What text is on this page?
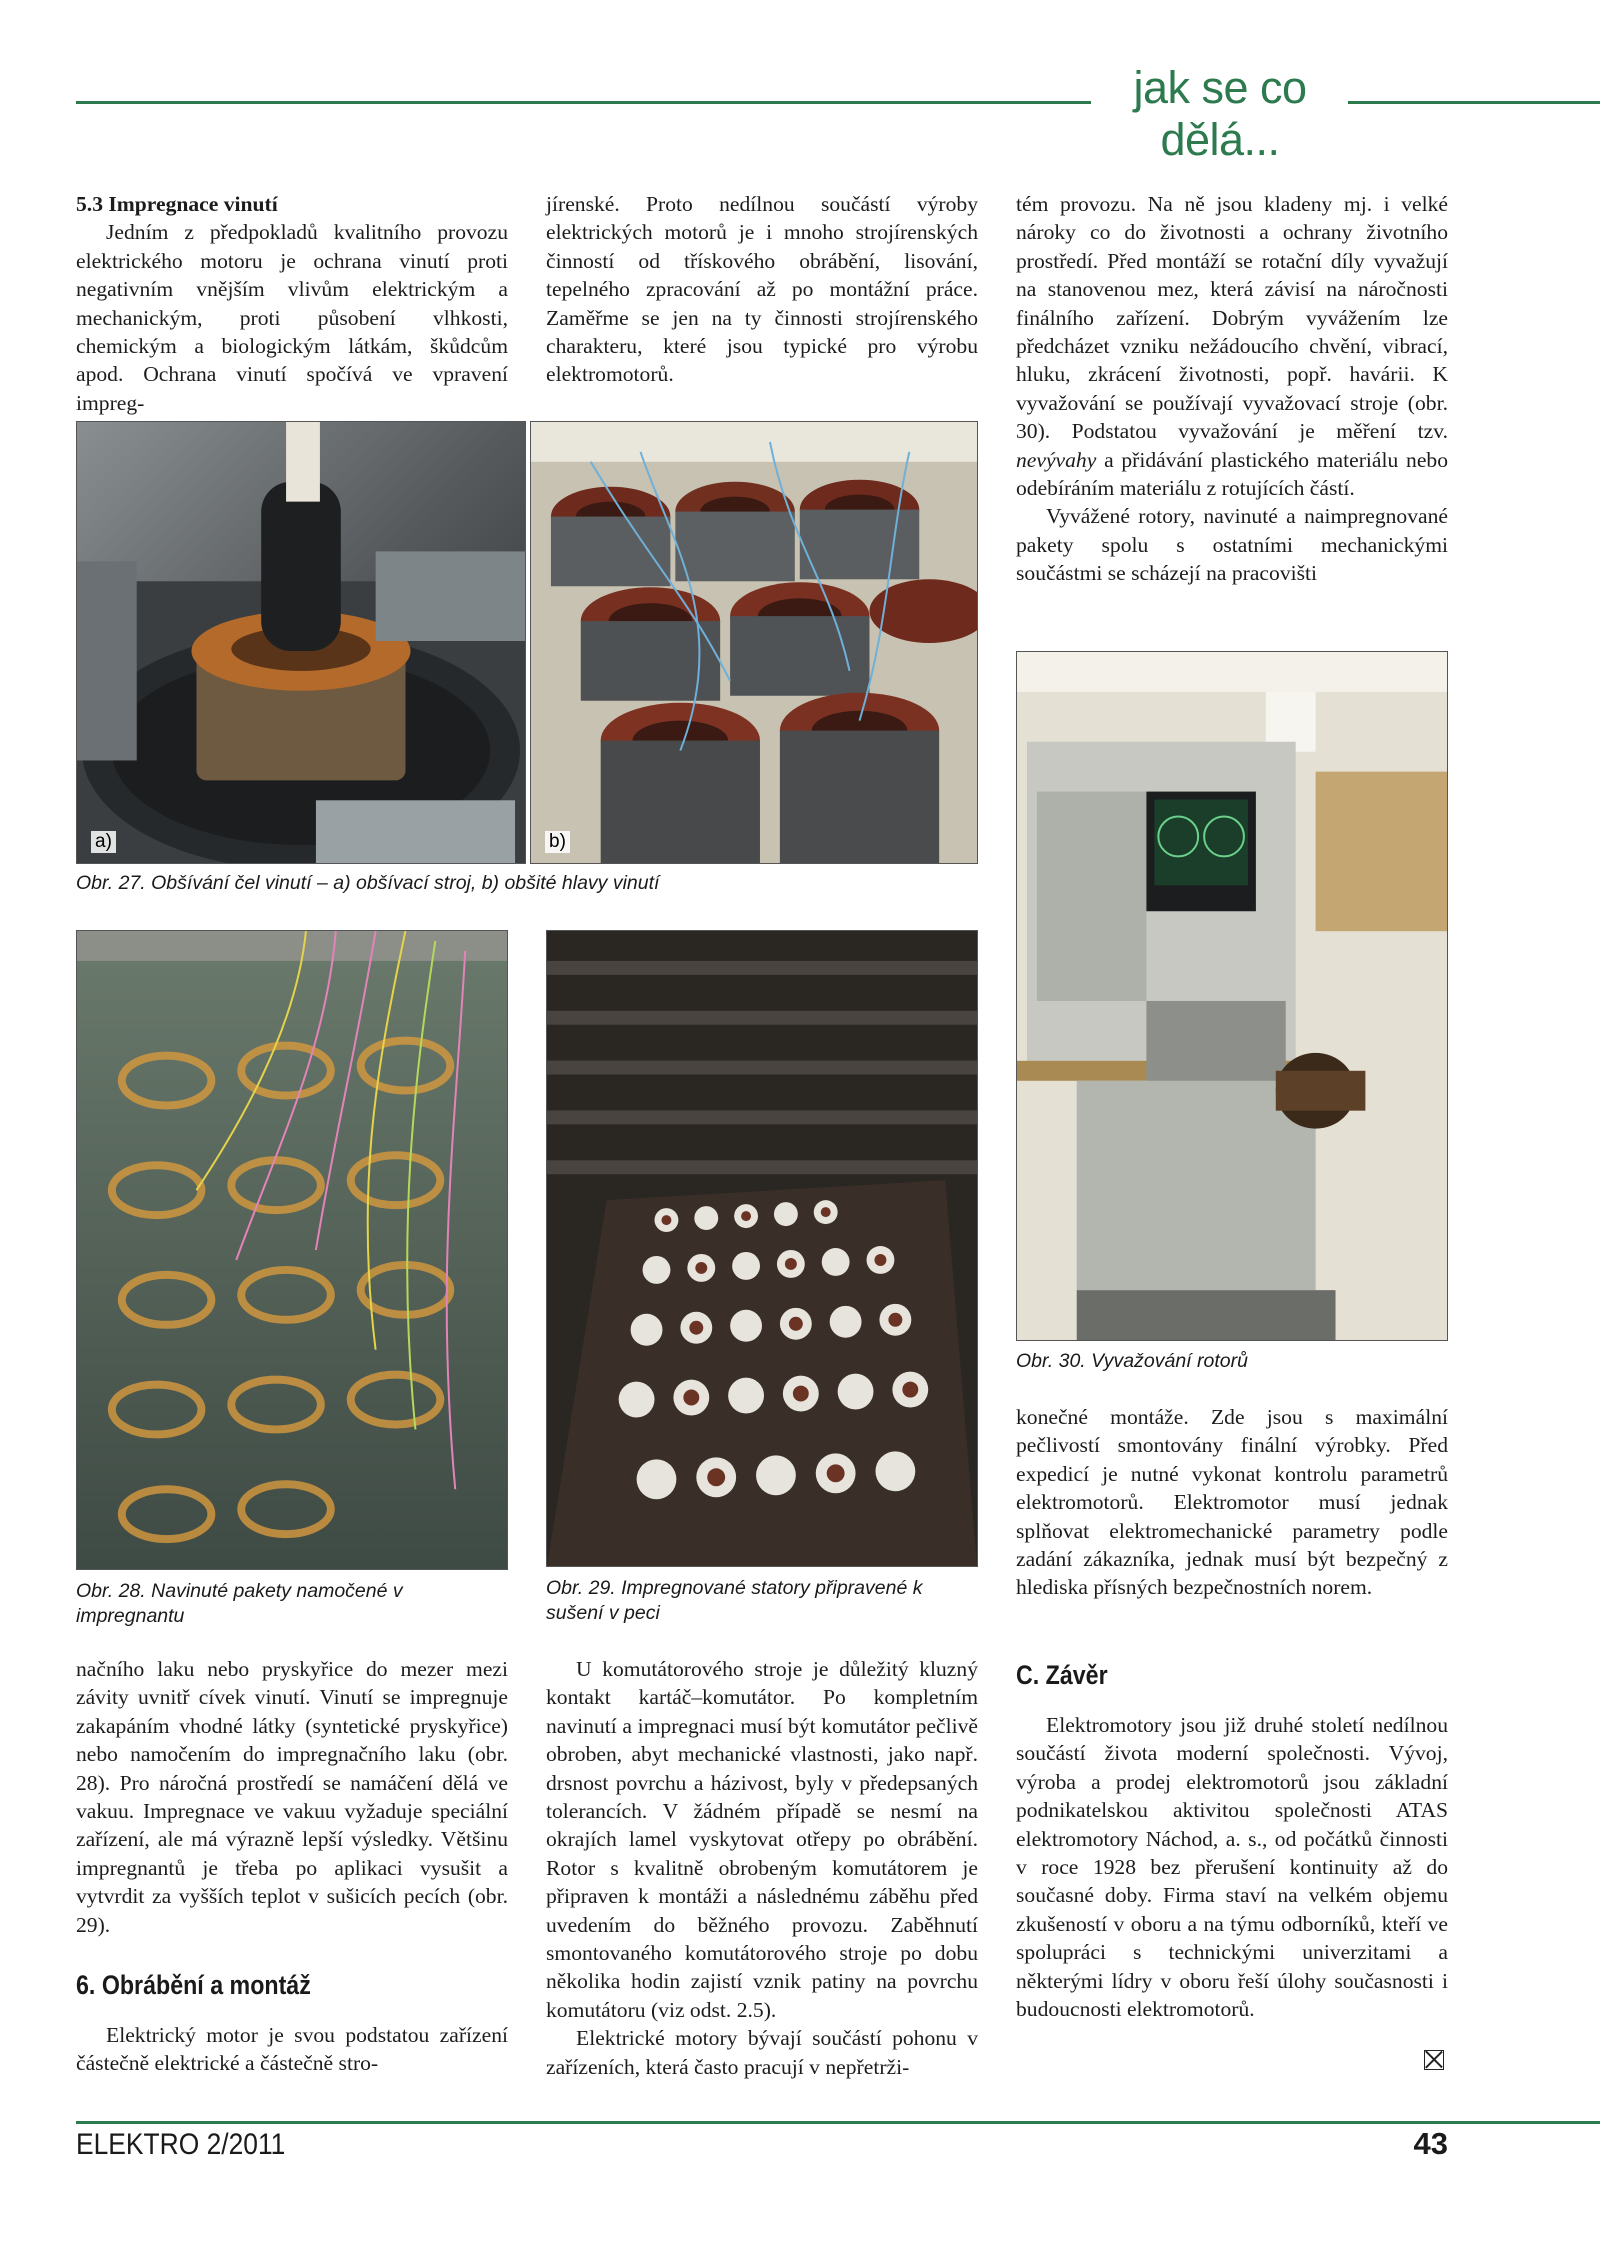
jak se co dělá...

5.3 Impregnace vinutí

Jedním z předpokladů kvalitního provozu elektrického motoru je ochrana vinutí proti negativním vnějším vlivům elektrickým a mechanickým, proti působení vlhkosti, chemickým a biologickým látkám, škůdcům apod. Ochrana vinutí spočívá ve vpravení impreg-

jírenské. Proto nedílnou součástí výroby elektrických motorů je i mnoho strojírenských činností od třískového obrábění, lisování, tepelného zpracování až po montážní práce. Zaměřme se jen na ty činnosti strojírenského charakteru, které jsou typické pro výrobu elektromotorů.

tém provozu. Na ně jsou kladeny mj. i velké nároky co do životnosti a ochrany životního prostředí. Před montáží se rotační díly vyvažují na stanovenou mez, která závisí na náročnosti finálního zařízení. Dobrým vyvážením lze předcházet vzniku nežádoucího chvění, vibrací, hluku, zkrácení životnosti, popř. havárii. K vyvažování se používají vyvažovací stroje (obr. 30). Podstatou vyvažování je měření tzv. nevývahy a přidávání plastického materiálu nebo odebíráním materiálu z rotujících částí.

Vyvážené rotory, navinuté a naimpregnované pakety spolu s ostatními mechanickými součástmi se scházejí na pracovišti

a)	b)
Obr. 27. Obšívání čel vinutí – a) obšívací stroj, b) obšité hlavy vinutí
Obr. 30. Vyvažování rotorů
Obr. 28. Navinuté pakety namočené v impregnantu
Obr. 29. Impregnované statory připravené k sušení v peci

konečné montáže. Zde jsou s maximální pečlivostí smontovány finální výrobky. Před expedicí je nutné vykonat kontrolu parametrů elektromotorů. Elektromotor musí jednak splňovat elektromechanické parametry podle zadání zákazníka, jednak musí být bezpečný z hlediska přísných bezpečnostních norem.

C. Závěr

Elektromotory jsou již druhé století nedílnou součástí života moderní společnosti. Vývoj, výroba a prodej elektromotorů jsou základní podnikatelskou aktivitou společnosti ATAS elektromotory Náchod, a. s., od počátků činnosti v roce 1928 bez přerušení kontinuity až do současné doby. Firma staví na velkém objemu zkušeností v oboru a na týmu odborníků, kteří ve spolupráci s technickými univerzitami a některými lídry v oboru řeší úlohy současnosti i budoucnosti elektromotorů.

načního laku nebo pryskyřice do mezer mezi závity uvnitř cívek vinutí. Vinutí se impregnuje zakapáním vhodné látky (syntetické pryskyřice) nebo namočením do impregnačního laku (obr. 28). Pro náročná prostředí se namáčení dělá ve vakuu. Impregnace ve vakuu vyžaduje speciální zařízení, ale má výrazně lepší výsledky. Většinu impregnantů je třeba po aplikaci vysušit a vytvrdit za vyšších teplot v sušicích pecích (obr. 29).

6. Obrábění a montáž

Elektrický motor je svou podstatou zařízení částečně elektrické a částečně stro-

U komutátorového stroje je důležitý kluzný kontakt kartáč–komutátor. Po kompletním navinutí a impregnaci musí být komutátor pečlivě obroben, abyt mechanické vlastnosti, jako např. drsnost povrchu a házivost, byly v předepsaných tolerancích. V žádném případě se nesmí na okrajích lamel vyskytovat otřepy po obrábění. Rotor s kvalitně obrobeným komutátorem je připraven k montáži a následnému záběhu před uvedením do běžného provozu. Zaběhnutí smontovaného komutátorového stroje po dobu několika hodin zajistí vznik patiny na povrchu komutátoru (viz odst. 2.5).

Elektrické motory bývají součástí pohonu v zařízeních, která často pracují v nepřetrži-

ELEKTRO 2/2011	43
